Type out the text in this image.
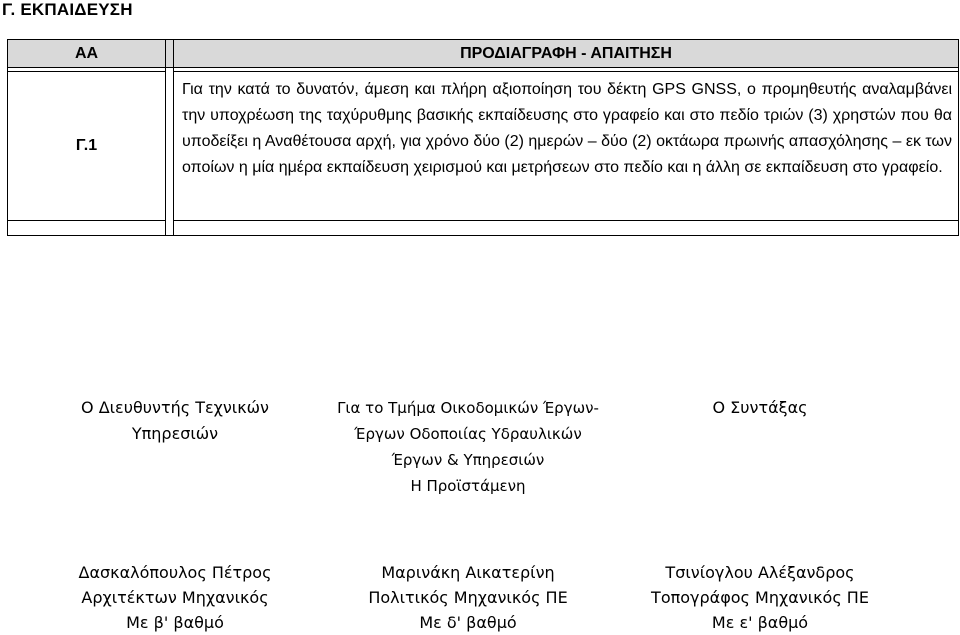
Γ. ΕΚΠΑΙΔΕΥΣΗ
ΑΑ		ΠΡΟΔΙΑΓΡΑΦΗ - ΑΠΑΙΤΗΣΗ

Γ.1		Για την κατά το δυνατόν, άμεση και πλήρη αξιοποίηση του δέκτη GPS GNSS, ο προμηθευτής αναλαμβάνει την υποχρέωση της ταχύρυθμης βασικής εκπαίδευσης στο γραφείο και στο πεδίο τριών (3) χρηστών που θα υποδείξει η Αναθέτουσα αρχή, για χρόνο δύο (2) ημερών – δύο (2) οκτάωρα πρωινής απασχόλησης – εκ των οποίων η μία ημέρα εκπαίδευση χειρισμού και μετρήσεων στο πεδίο και η άλλη σε εκπαίδευση στο γραφείο.

Ο Διευθυντής Τεχνικών
Υπηρεσιών
Για το Τμήμα Οικοδομικών Έργων-
Έργων Οδοποιίας Υδραυλικών
Έργων & Υπηρεσιών
Η Προϊστάμενη
Ο Συντάξας
Δασκαλόπουλος Πέτρος
Αρχιτέκτων Μηχανικός
Με β' βαθμό
Μαρινάκη Αικατερίνη
Πολιτικός Μηχανικός ΠΕ
Με δ' βαθμό
Τσινίογλου Αλέξανδρος
Τοπογράφος Μηχανικός ΠΕ
Με ε' βαθμό
